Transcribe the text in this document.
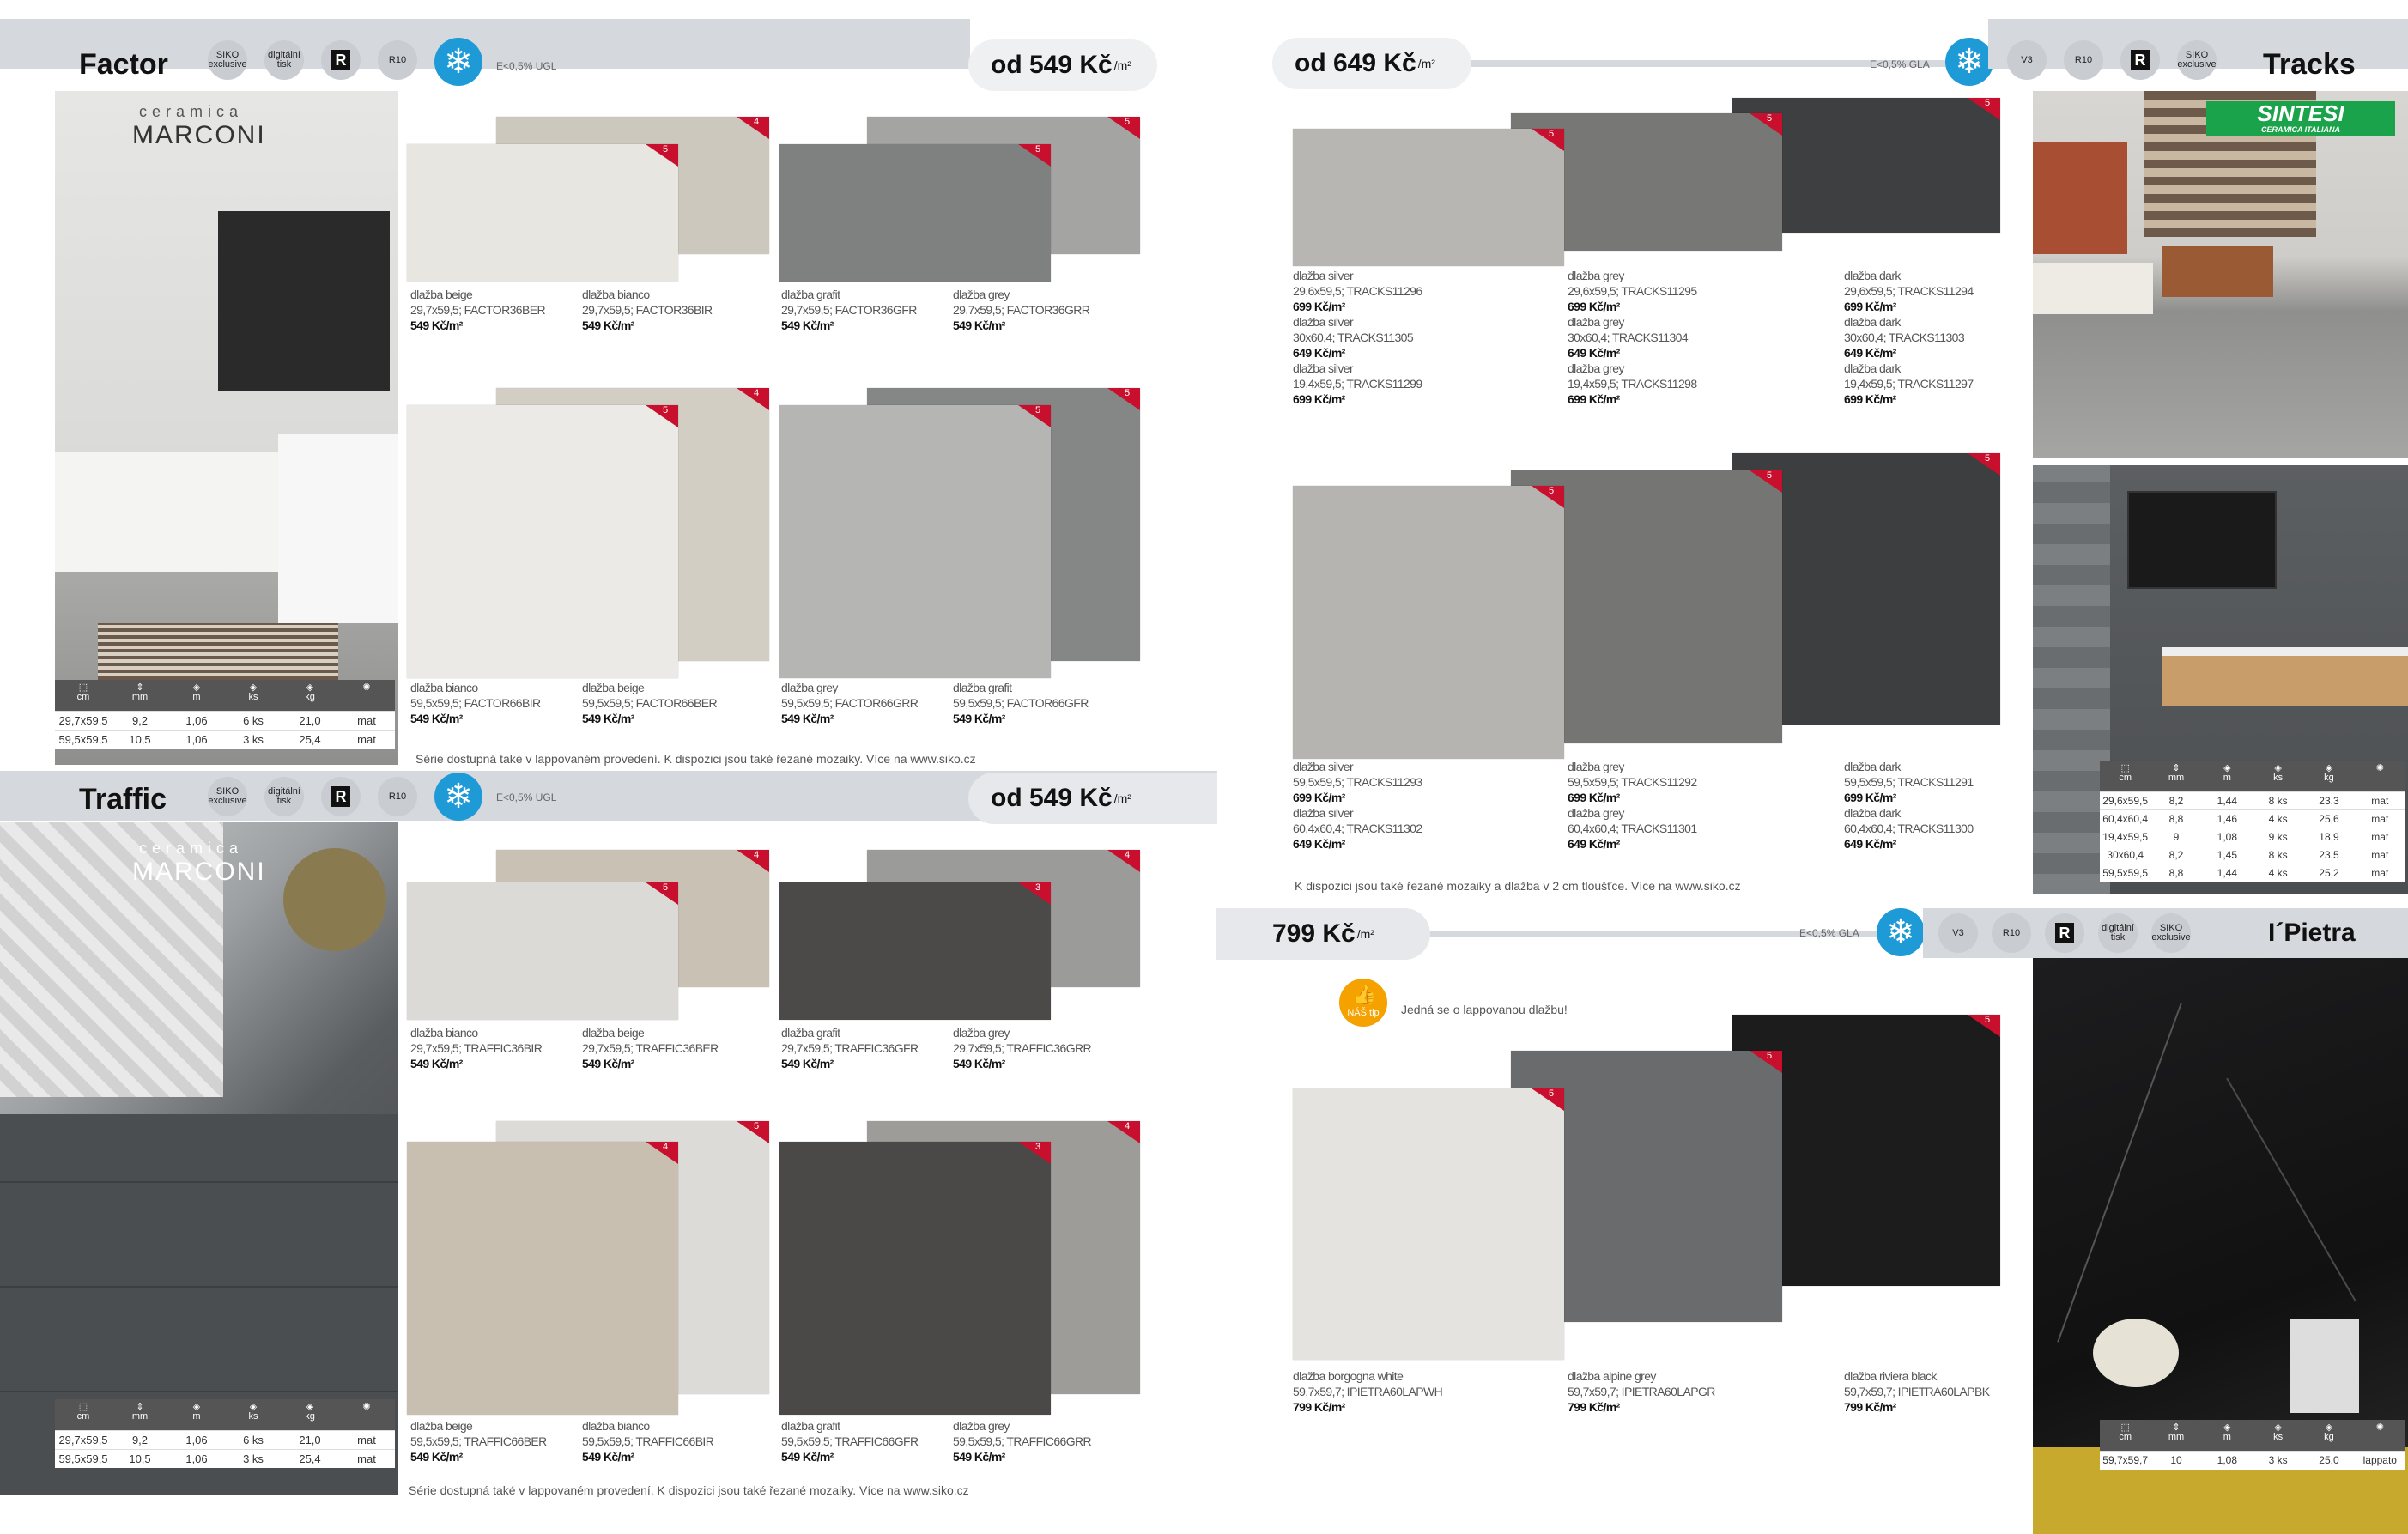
Factor	SIKO exclusive
digitální tisk	R	R10 ❄	E<0,5% UGL	od 549 Kč /m²
ceramica
MARCONI
⬚
cm
⇕
mm
◈
m
◈
ks
◈
kg
✺

29,7x59,5	9,2	1,06	6 ks	21,0	mat
59,5x59,5	10,5	1,06	3 ks	25,4	mat
4
5
5
5
dlažba beige
29,7x59,5; FACTOR36BER
549 Kč/m²
dlažba bianco
29,7x59,5; FACTOR36BIR
549 Kč/m²
dlažba grafit
29,7x59,5; FACTOR36GFR
549 Kč/m²
dlažba grey
29,7x59,5; FACTOR36GRR
549 Kč/m²
4
5
5
5
dlažba bianco
59,5x59,5; FACTOR66BIR
549 Kč/m²
dlažba beige
59,5x59,5; FACTOR66BER
549 Kč/m²
dlažba grey
59,5x59,5; FACTOR66GRR
549 Kč/m²
dlažba grafit
59,5x59,5; FACTOR66GFR
549 Kč/m²
Série dostupná také v lappovaném provedení. K dispozici jsou také řezané mozaiky. Více na www.siko.cz
Traffic	SIKO exclusive
digitální tisk	R	R10 ❄	E<0,5% UGL	od 549 Kč /m²
ceramica
MARCONI
⬚
cm
⇕
mm
◈
m
◈
ks
◈
kg
✺

29,7x59,5	9,2	1,06	6 ks	21,0	mat
59,5x59,5	10,5	1,06	3 ks	25,4	mat
4
5
4
3
dlažba bianco
29,7x59,5; TRAFFIC36BIR
549 Kč/m²
dlažba beige
29,7x59,5; TRAFFIC36BER
549 Kč/m²
dlažba grafit
29,7x59,5; TRAFFIC36GFR
549 Kč/m²
dlažba grey
29,7x59,5; TRAFFIC36GRR
549 Kč/m²
5
4
4
3
dlažba beige
59,5x59,5; TRAFFIC66BER
549 Kč/m²
dlažba bianco
59,5x59,5; TRAFFIC66BIR
549 Kč/m²
dlažba grafit
59,5x59,5; TRAFFIC66GFR
549 Kč/m²
dlažba grey
59,5x59,5; TRAFFIC66GRR
549 Kč/m²
Série dostupná také v lappovaném provedení. K dispozici jsou také řezané mozaiky. Více na www.siko.cz
od 649 Kč /m²	E<0,5% GLA ❄	V3	R10	R	SIKO exclusive Tracks
SINTESI
CERAMICA ITALIANA
⬚
cm
⇕
mm
◈
m
◈
ks
◈
kg
✺

29,6x59,5	8,2	1,44	8 ks	23,3	mat
60,4x60,4	8,8	1,46	4 ks	25,6	mat
19,4x59,5	9	1,08	9 ks	18,9	mat
30x60,4	8,2	1,45	8 ks	23,5	mat
59,5x59,5	8,8	1,44	4 ks	25,2	mat
5
5
5
dlažba silver
29,6x59,5; TRACKS11296
699 Kč/m²
dlažba silver
30x60,4; TRACKS11305
649 Kč/m²
dlažba silver
19,4x59,5; TRACKS11299
699 Kč/m²
dlažba grey
29,6x59,5; TRACKS11295
699 Kč/m²
dlažba grey
30x60,4; TRACKS11304
649 Kč/m²
dlažba grey
19,4x59,5; TRACKS11298
699 Kč/m²
dlažba dark
29,6x59,5; TRACKS11294
699 Kč/m²
dlažba dark
30x60,4; TRACKS11303
649 Kč/m²
dlažba dark
19,4x59,5; TRACKS11297
699 Kč/m²
5
5
5
dlažba silver
59,5x59,5; TRACKS11293
699 Kč/m²
dlažba silver
60,4x60,4; TRACKS11302
649 Kč/m²
dlažba grey
59,5x59,5; TRACKS11292
699 Kč/m²
dlažba grey
60,4x60,4; TRACKS11301
649 Kč/m²
dlažba dark
59,5x59,5; TRACKS11291
699 Kč/m²
dlažba dark
60,4x60,4; TRACKS11300
649 Kč/m²
K dispozici jsou také řezané mozaiky a dlažba v 2 cm tloušťce. Více na www.siko.cz
799 Kč /m²	E<0,5% GLA ❄	V3	R10	R	digitální tisk
SIKO exclusive	I´Pietra
⬚
cm
⇕
mm
◈
m
◈
ks
◈
kg
✺

59,7x59,7	10	1,08	3 ks	25,0	lappato
NÁŠ tip
👍
Jedná se o lappovanou dlažbu!
5
5
5
dlažba borgogna white
59,7x59,7; IPIETRA60LAPWH
799 Kč/m²
dlažba alpine grey
59,7x59,7; IPIETRA60LAPGR
799 Kč/m²
dlažba riviera black
59,7x59,7; IPIETRA60LAPBK
799 Kč/m²
